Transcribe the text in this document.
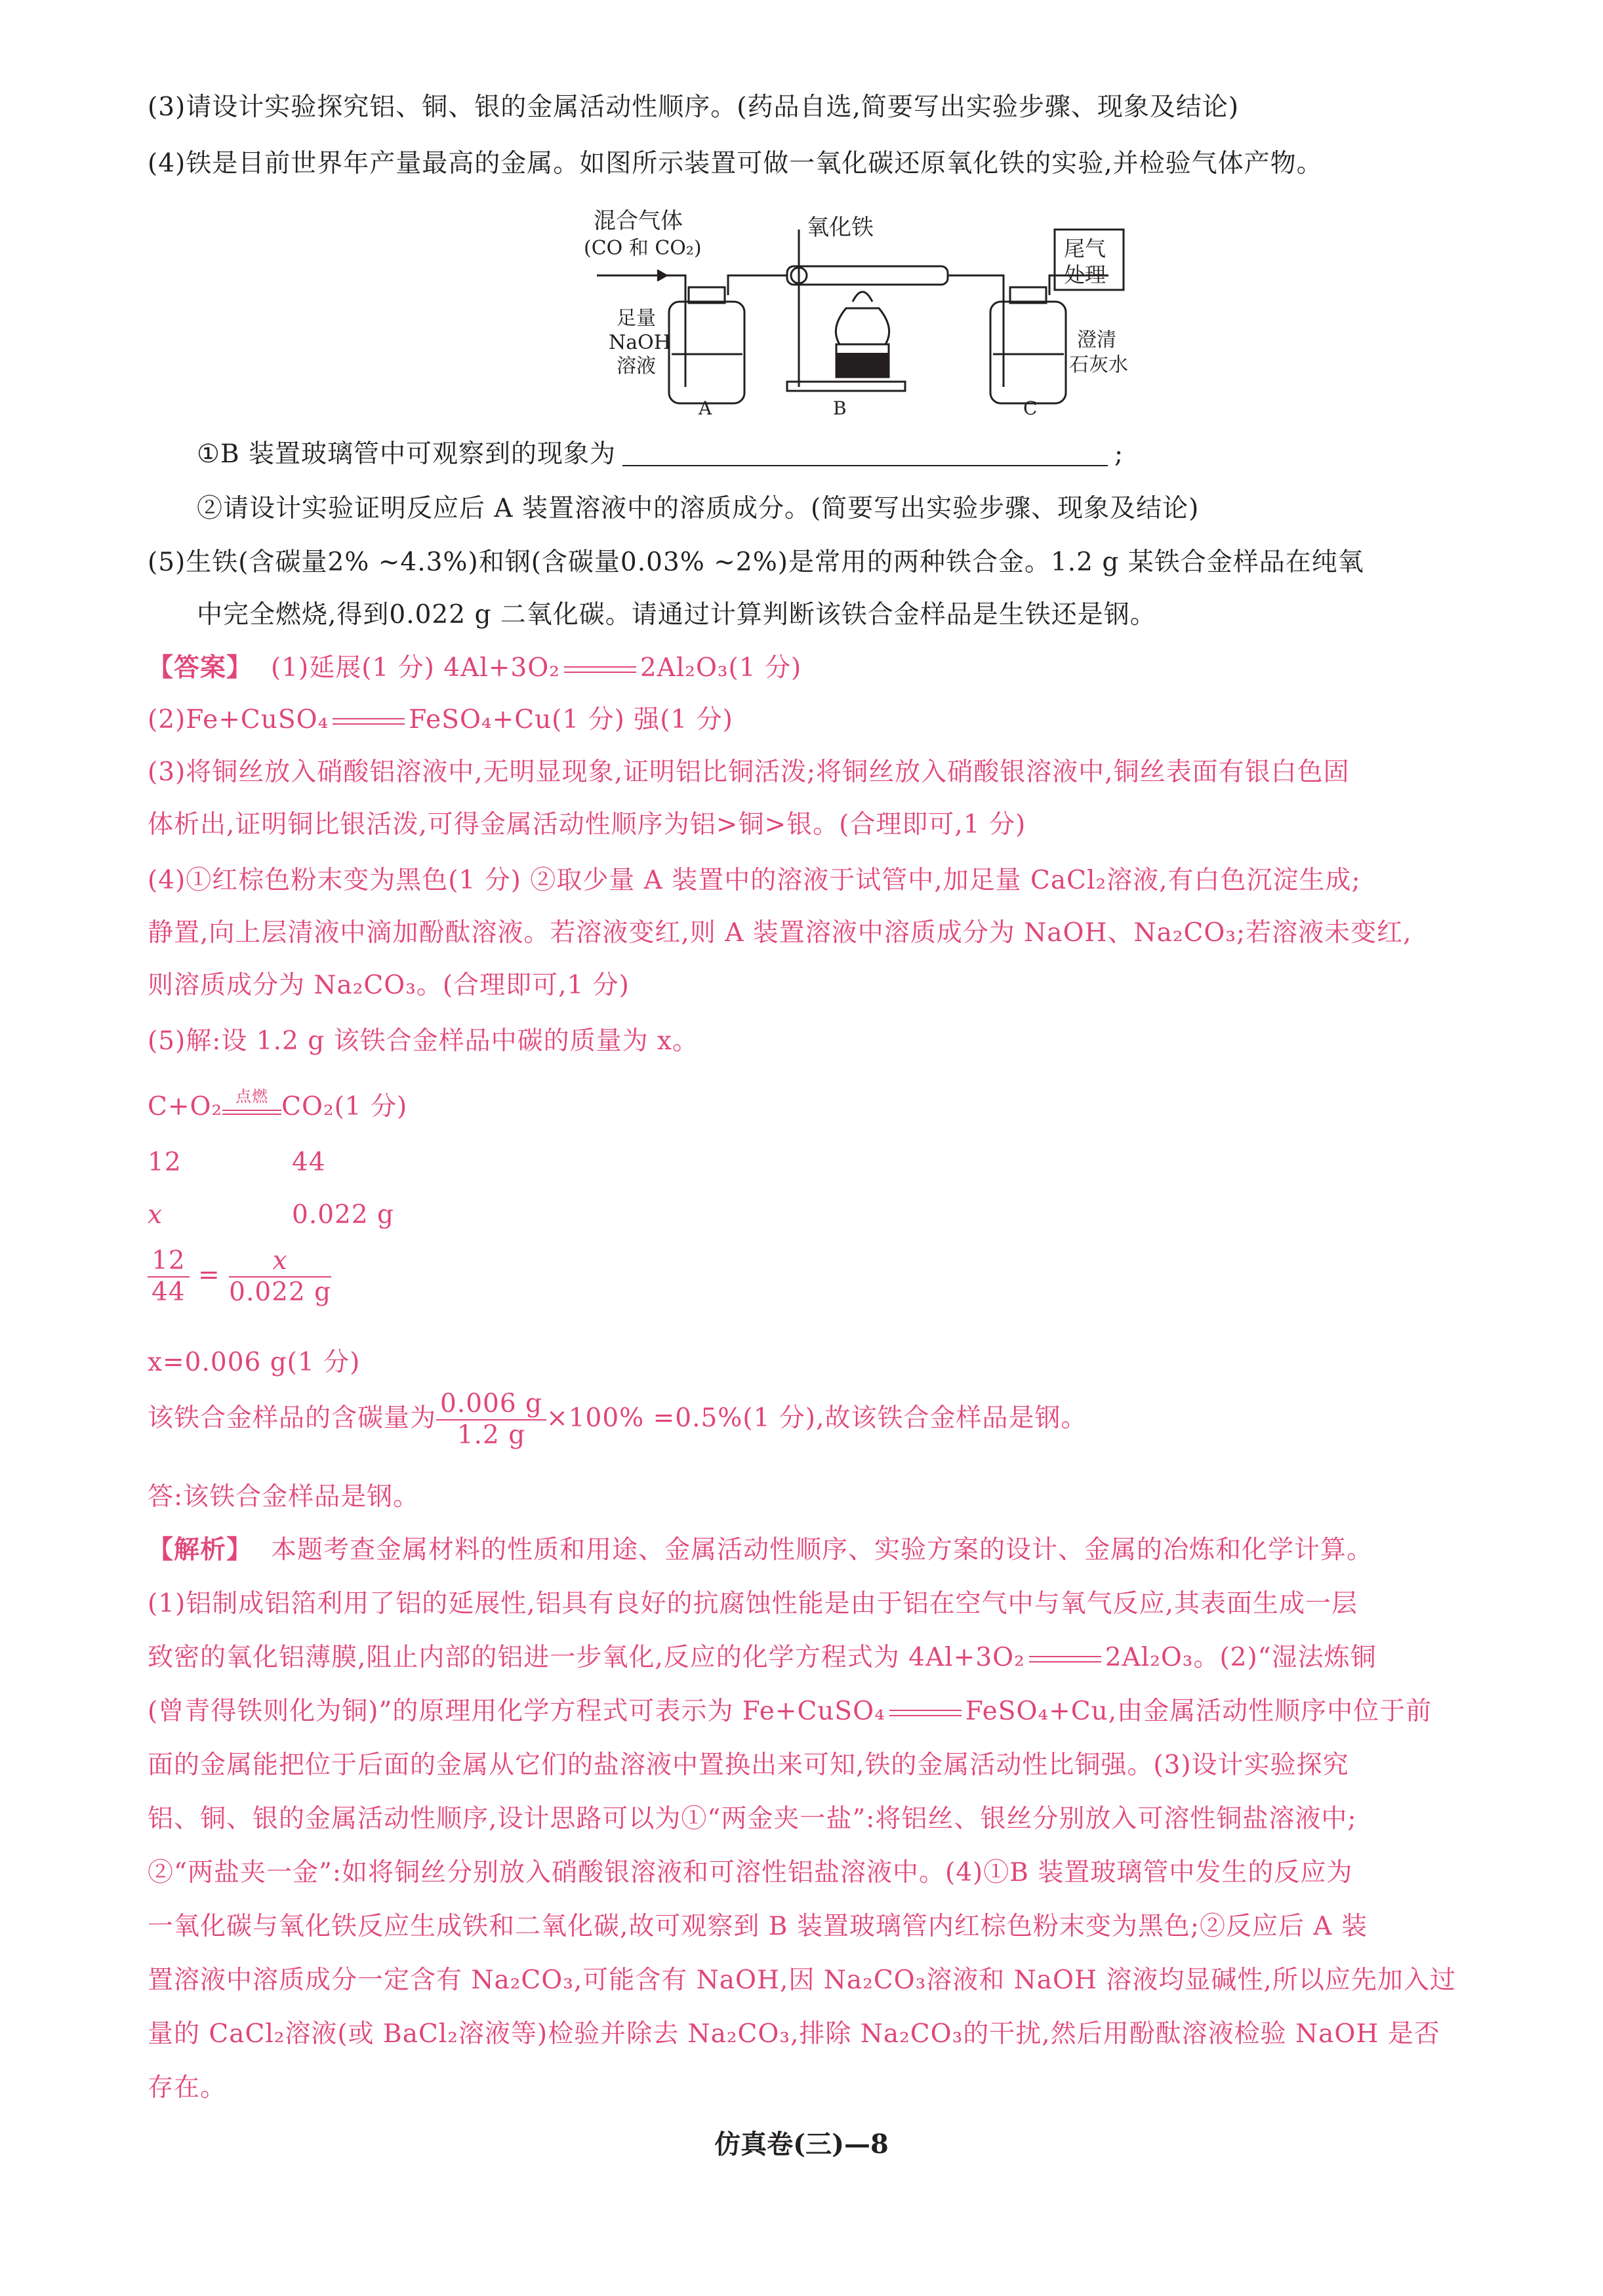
(3)请设计实验探究铝、铜、银的金属活动性顺序。(药品自选,简要写出实验步骤、现象及结论)
(4)铁是目前世界年产量最高的金属。如图所示装置可做一氧化碳还原氧化铁的实验,并检验气体产物。
混合气体
(CO 和 CO₂)
氧化铁
尾气
处理
足量
NaOH
溶液
澄清
石灰水
A	B	C
①B 装置玻璃管中可观察到的现象为	;
②请设计实验证明反应后 A 装置溶液中的溶质成分。(简要写出实验步骤、现象及结论)
(5)生铁(含碳量2% ~4.3%)和钢(含碳量0.03% ~2%)是常用的两种铁合金。1.2 g 某铁合金样品在纯氧
中完全燃烧,得到0.022 g 二氧化碳。请通过计算判断该铁合金样品是生铁还是钢。
【答案】 (1)延展(1 分) 4Al+3O₂	2Al₂O₃(1 分)
(2)Fe+CuSO₄	FeSO₄+Cu(1 分) 强(1 分)
(3)将铜丝放入硝酸铝溶液中,无明显现象,证明铝比铜活泼;将铜丝放入硝酸银溶液中,铜丝表面有银白色固
体析出,证明铜比银活泼,可得金属活动性顺序为铝>铜>银。(合理即可,1 分)
(4)①红棕色粉末变为黑色(1 分) ②取少量 A 装置中的溶液于试管中,加足量 CaCl₂溶液,有白色沉淀生成;
静置,向上层清液中滴加酚酞溶液。若溶液变红,则 A 装置溶液中溶质成分为 NaOH、Na₂CO₃;若溶液未变红,
则溶质成分为 Na₂CO₃。(合理即可,1 分)
(5)解:设 1.2 g 该铁合金样品中碳的质量为 x。
C+O₂ 点燃 CO₂(1 分)
12	44
x	0.022 g
$\frac{12}{44} = \frac{x}{0.022 g}$
x=0.006 g(1 分)
该铁合金样品的含碳量为 $\frac{0.006 g}{1.2 g} \times 100\% =0.5\%(1$ 分),故该铁合金样品是钢。
答:该铁合金样品是钢。
【解析】 本题考查金属材料的性质和用途、金属活动性顺序、实验方案的设计、金属的冶炼和化学计算。
(1)铝制成铝箔利用了铝的延展性,铝具有良好的抗腐蚀性能是由于铝在空气中与氧气反应,其表面生成一层
致密的氧化铝薄膜,阻止内部的铝进一步氧化,反应的化学方程式为 4Al+3O₂	2Al₂O₃。(2)“湿法炼铜
(曾青得铁则化为铜)”的原理用化学方程式可表示为 Fe+CuSO₄	FeSO₄+Cu,由金属活动性顺序中位于前
面的金属能把位于后面的金属从它们的盐溶液中置换出来可知,铁的金属活动性比铜强。(3)设计实验探究
铝、铜、银的金属活动性顺序,设计思路可以为①“两金夹一盐”:将铝丝、银丝分别放入可溶性铜盐溶液中;
②“两盐夹一金”:如将铜丝分别放入硝酸银溶液和可溶性铝盐溶液中。(4)①B 装置玻璃管中发生的反应为
一氧化碳与氧化铁反应生成铁和二氧化碳,故可观察到 B 装置玻璃管内红棕色粉末变为黑色;②反应后 A 装
置溶液中溶质成分一定含有 Na₂CO₃,可能含有 NaOH,因 Na₂CO₃溶液和 NaOH 溶液均显碱性,所以应先加入过
量的 CaCl₂溶液(或 BaCl₂溶液等)检验并除去 Na₂CO₃,排除 Na₂CO₃的干扰,然后用酚酞溶液检验 NaOH 是否
存在。
仿真卷(三)—8
